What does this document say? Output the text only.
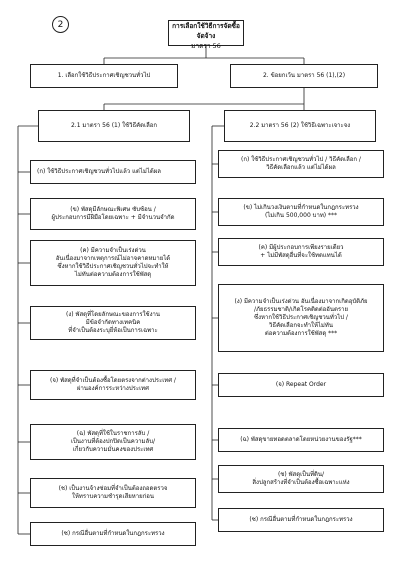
2	การเลือกใช้วิธีการจัดซื้อจัดจ้าง
มาตรา 56
1. เลือกใช้วิธีประกาศเชิญชวนทั่วไป	2. ข้อยกเว้น มาตรา 56 (1),(2)
2.1 มาตรา 56 (1) ใช้วิธีคัดเลือก	2.2 มาตรา 56 (2) ใช้วิธีเฉพาะเจาะจง
(ก) ใช้วิธีประกาศเชิญชวนทั่วไปแล้ว แต่ไม่ได้ผล
(ข) พัสดุมีลักษณะพิเศษ ซับซ้อน /
ผู้ประกอบการมีฝีมือโดยเฉพาะ + มีจำนวนจำกัด
(ค) มีความจำเป็นเร่งด่วน
อันเนื่องมาจากเหตุการณ์ไม่อาจคาดหมายได้
ซึ่งหากใช้วิธีประกาศเชิญชวนทั่วไปจะทำให้
ไม่ทันต่อความต้องการใช้พัสดุ
(ง) พัสดุที่โดยลักษณะของการใช้งาน
มีข้อจำกัดทางเทคนิค
ที่จำเป็นต้องระบุยี่ห้อเป็นการเฉพาะ
(จ) พัสดุที่จำเป็นต้องซื้อโดยตรงจากต่างประเทศ /
ผ่านองค์การระหว่างประเทศ
(ฉ) พัสดุที่ใช้ในราชการลับ /
เป็นงานที่ต้องปกปิดเป็นความลับ/
เกี่ยวกับความมั่นคงของประเทศ
(ช) เป็นงานจ้างซ่อมที่จำเป็นต้องถอดตรวจ
ให้ทราบความชำรุดเสียหายก่อน
(ซ) กรณีอื่นตามที่กำหนดในกฎกระทรวง
(ก) ใช้วิธีประกาศเชิญชวนทั่วไป / วิธีคัดเลือก /
วิธีคัดเลือกแล้ว แต่ไม่ได้ผล
(ข) ไม่เกินวงเงินตามที่กำหนดในกฎกระทรวง
(ไม่เกิน 500,000 บาท) ***
(ค) มีผู้ประกอบการเพียงรายเดียว
+ ไม่มีพัสดุอื่นที่จะใช้ทดแทนได้
(ง) มีความจำเป็นเร่งด่วน อันเนื่องมาจากเกิดอุบัติภัย
/ภัยธรรมชาติ/เกิดโรคติดต่ออันตราย
ซึ่งหากใช้วิธีประกาศเชิญชวนทั่วไป /
วิธีคัดเลือกจะทำให้ไม่ทัน
ต่อความต้องการใช้พัสดุ ***
(จ) Repeat Order
(ฉ) พัสดุขายทอดตลาดโดยหน่วยงานของรัฐ***
(ช) พัสดุเป็นที่ดิน/
สิ่งปลูกสร้างที่จำเป็นต้องซื้อเฉพาะแห่ง
(ซ) กรณีอื่นตามที่กำหนดในกฎกระทรวง
